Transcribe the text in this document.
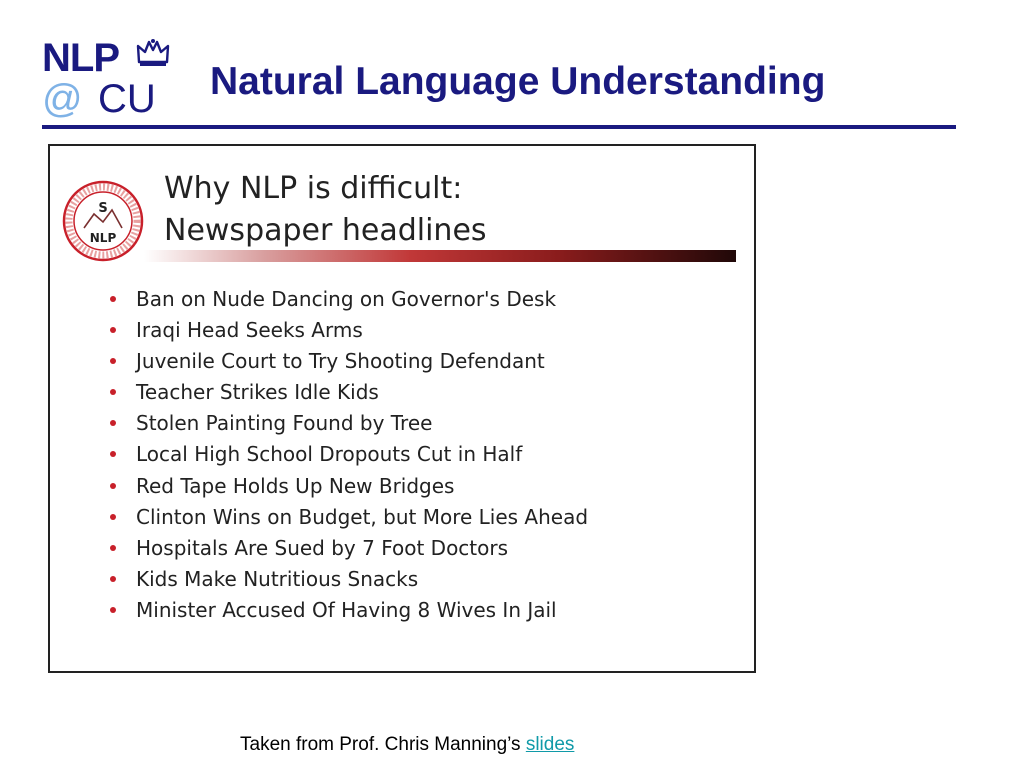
NLP
@ CU Natural Language Understanding
S
NLP
Why NLP is difficult:
Newspaper headlines
Ban on Nude Dancing on Governor's Desk
Iraqi Head Seeks Arms
Juvenile Court to Try Shooting Defendant
Teacher Strikes Idle Kids
Stolen Painting Found by Tree
Local High School Dropouts Cut in Half
Red Tape Holds Up New Bridges
Clinton Wins on Budget, but More Lies Ahead
Hospitals Are Sued by 7 Foot Doctors
Kids Make Nutritious Snacks
Minister Accused Of Having 8 Wives In Jail
Taken from Prof. Chris Manning’s slides
